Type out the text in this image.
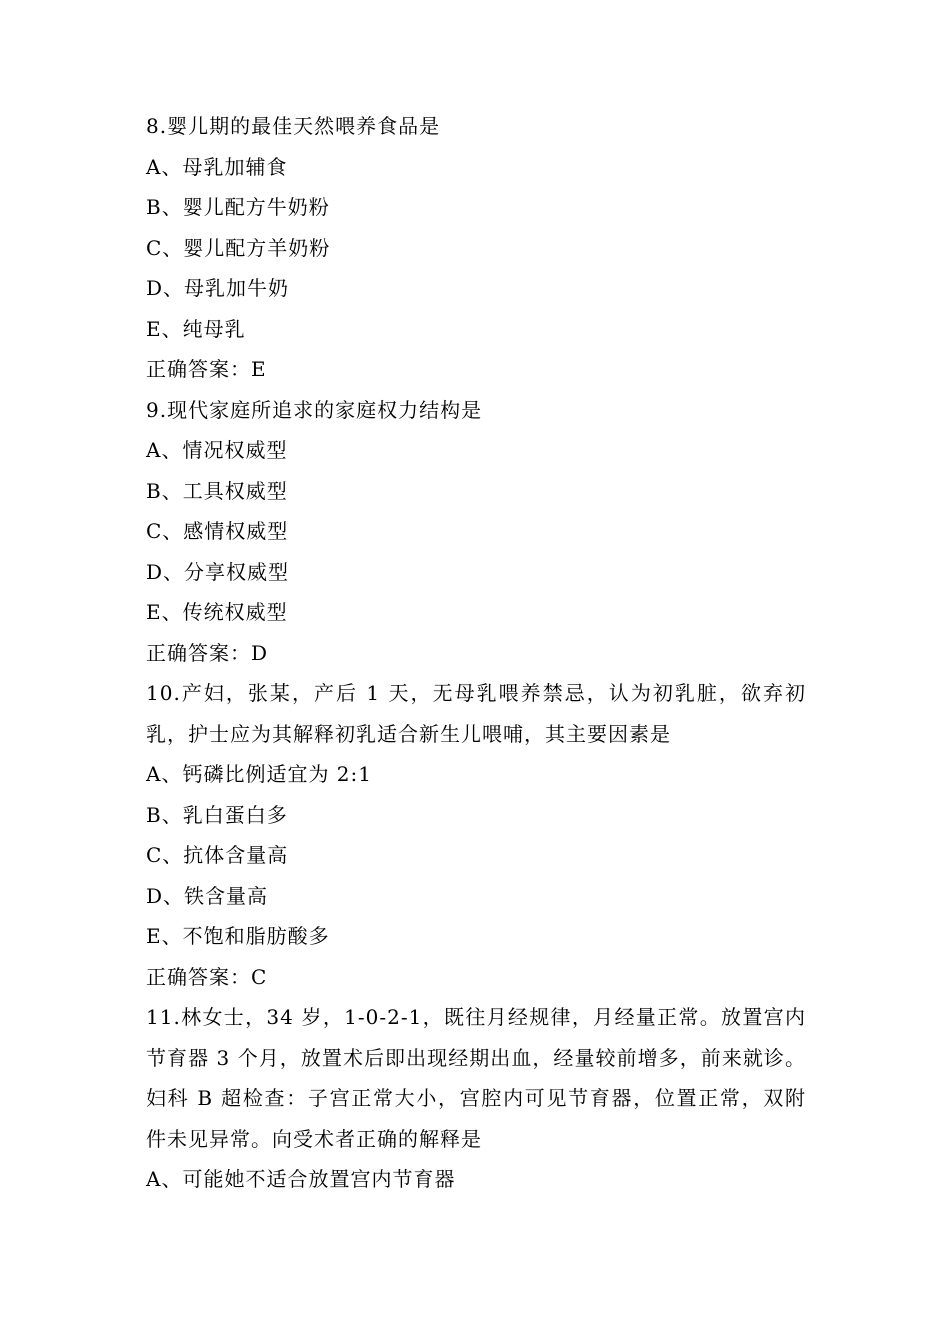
8.婴儿期的最佳天然喂养食品是
A、母乳加辅食
B、婴儿配方牛奶粉
C、婴儿配方羊奶粉
D、母乳加牛奶
E、纯母乳
正确答案：E
9.现代家庭所追求的家庭权力结构是
A、情况权威型
B、工具权威型
C、感情权威型
D、分享权威型
E、传统权威型
正确答案：D
10.产妇，张某，产后 1 天，无母乳喂养禁忌，认为初乳脏，欲弃初乳，护士应为其解释初乳适合新生儿喂哺，其主要因素是
A、钙磷比例适宜为 2:1
B、乳白蛋白多
C、抗体含量高
D、铁含量高
E、不饱和脂肪酸多
正确答案：C
11.林女士，34 岁，1-0-2-1，既往月经规律，月经量正常。放置宫内节育器 3 个月，放置术后即出现经期出血，经量较前增多，前来就诊。妇科 B 超检查：子宫正常大小，宫腔内可见节育器，位置正常，双附件未见异常。向受术者正确的解释是
A、可能她不适合放置宫内节育器
